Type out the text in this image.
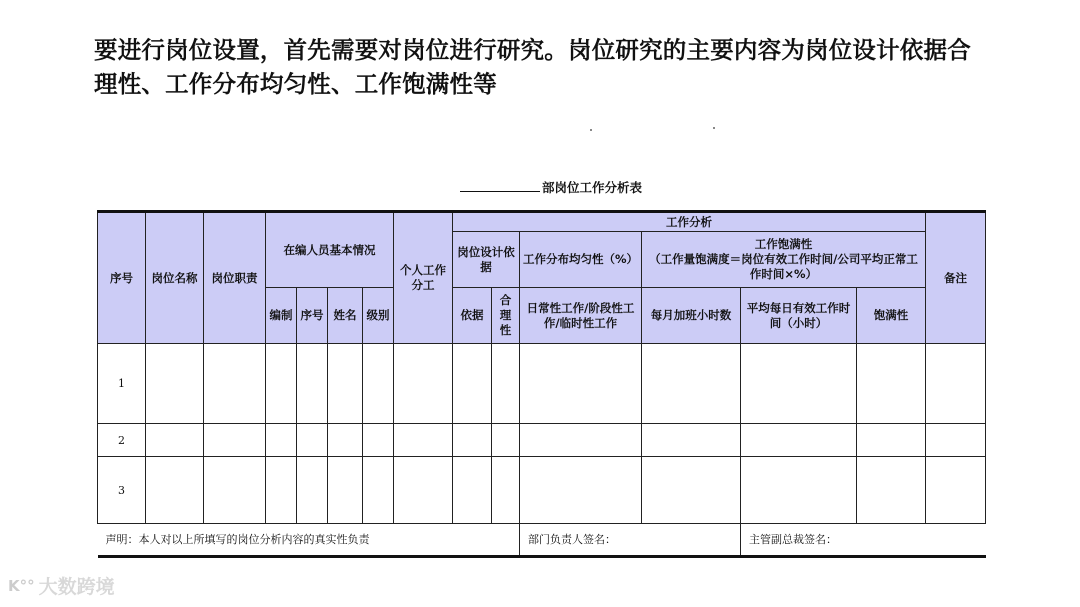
要进行岗位设置，首先需要对岗位进行研究。岗位研究的主要内容为岗位设计依据合理性、工作分布均匀性、工作饱满性等
部岗位工作分析表
序号	岗位名称	岗位职责	在编人员基本情况				个人工作分工	工作分析						备注
								岗位设计依据		工作分布均匀性（%）	工作饱满性
（工作量饱满度＝岗位有效工作时间/公司平均正常工作时间×%）			

			编制	序号	姓名	级别		依据	合理性	日常性工作/阶段性工作/临时性工作	每月加班小时数	平均每日有效工作时间（小时）	饱满性	
1														
2														
3														
声明：本人对以上所填写的岗位分析内容的真实性负责										部门负责人签名：		主管副总裁签名：		
K°° 大数跨境
